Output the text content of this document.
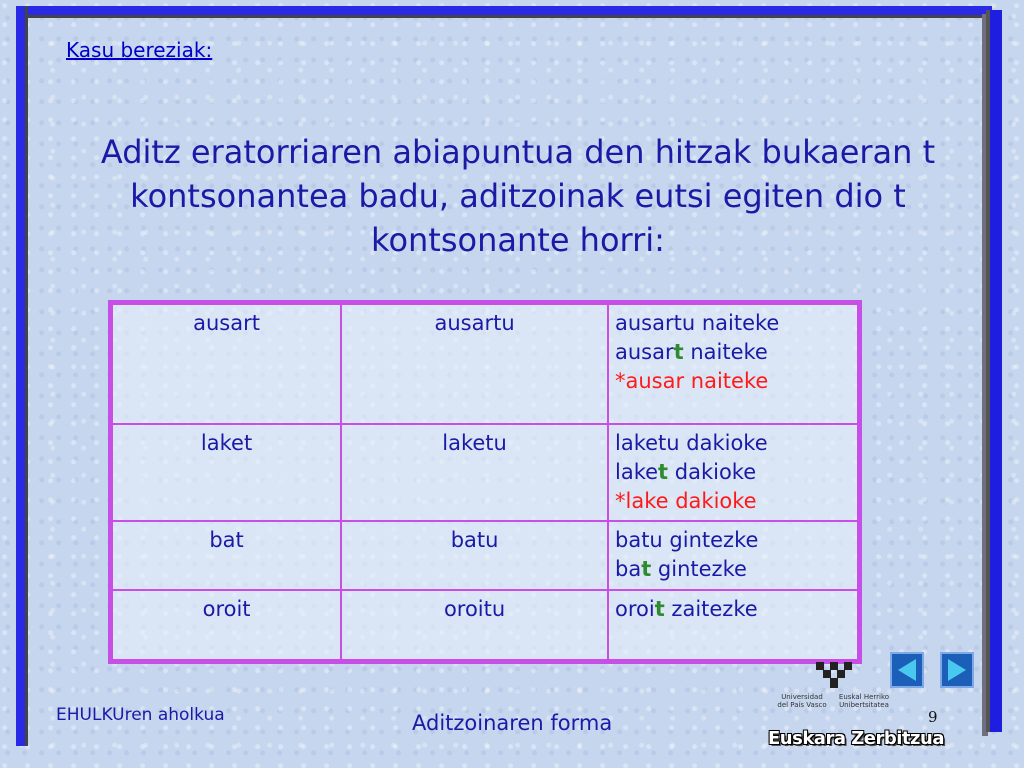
Kasu bereziak:
Aditz eratorriaren abiapuntua den hitzak bukaeran t kontsonantea badu, aditzoinak eutsi egiten dio t kontsonante horri:
ausart	ausartu	ausartu naiteke
ausart naiteke
*ausar naiteke

laket	laketu	laketu dakioke
laket dakioke
*lake dakioke

bat	batu	batu gintezke
bat gintezke

oroit	oroitu	oroit zaitezke
Universidad del País Vasco
Euskal Herriko Unibertsitatea
Euskara Zerbitzua
EHULKUren aholkua	Aditzoinaren forma	9
